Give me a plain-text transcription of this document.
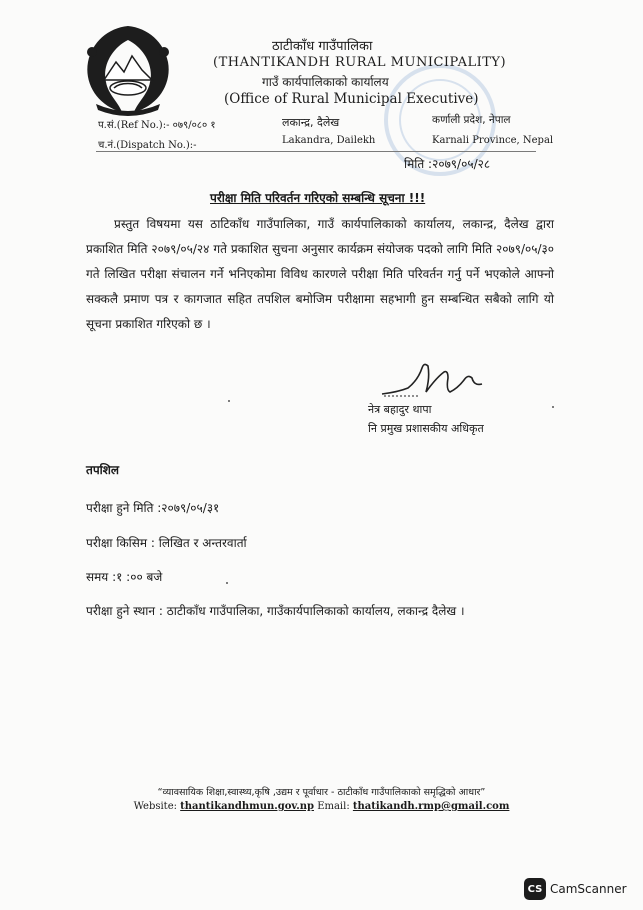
ठाटीकाँध गाउँपालिका
(THANTIKANDH RURAL MUNICIPALITY)
गाउँ कार्यपालिकाको कार्यालय
(Office of Rural Municipal Executive)
प.सं.(Ref No.):- ०७९/०८० १
च.नं.(Dispatch No.):-
लकान्द्र, दैलेख
Lakandra, Dailekh
कर्णाली प्रदेश, नेपाल
Karnali Province, Nepal
मिति :२०७९/०५/२८
परीक्षा मिति परिवर्तन गरिएको सम्बन्धि सूचना !!!

प्रस्तुत विषयमा यस ठाटिकाँध गाउँपालिका, गाउँ कार्यपालिकाको कार्यालय, लकान्द्र, दैलेख द्वारा प्रकाशित मिति २०७९/०५/२४ गते प्रकाशित सुचना अनुसार कार्यक्रम संयोजक पदको लागि मिति २०७९/०५/३० गते लिखित परीक्षा संचालन गर्ने भनिएकोमा विविध कारणले परीक्षा मिति परिवर्तन गर्नु पर्ने भएकोले आफ्नो सक्कलै प्रमाण पत्र र कागजात सहित तपशिल बमोजिम परीक्षामा सहभागी हुन सम्बन्धित सबैको लागि यो सूचना प्रकाशित गरिएको छ ।

नेत्र बहादुर थापा
नि प्रमुख प्रशासकीय अधिकृत
तपशिल
परीक्षा हुने मिति :२०७९/०५/३१
परीक्षा किसिम : लिखित र अन्तरवार्ता
समय :१ :०० बजे
परीक्षा हुने स्थान : ठाटीकाँध गाउँपालिका, गाउँकार्यपालिकाको कार्यालय, लकान्द्र दैलेख ।
“व्यावसायिक शिक्षा,स्वास्थ्य,कृषि ,उद्यम र पूर्वाधार - ठाटीकाँध गाउँपालिकाको समृद्धिको आधार”
Website: thantikandhmun.gov.np Email: thatikandh.rmp@gmail.com
CS CamScanner
